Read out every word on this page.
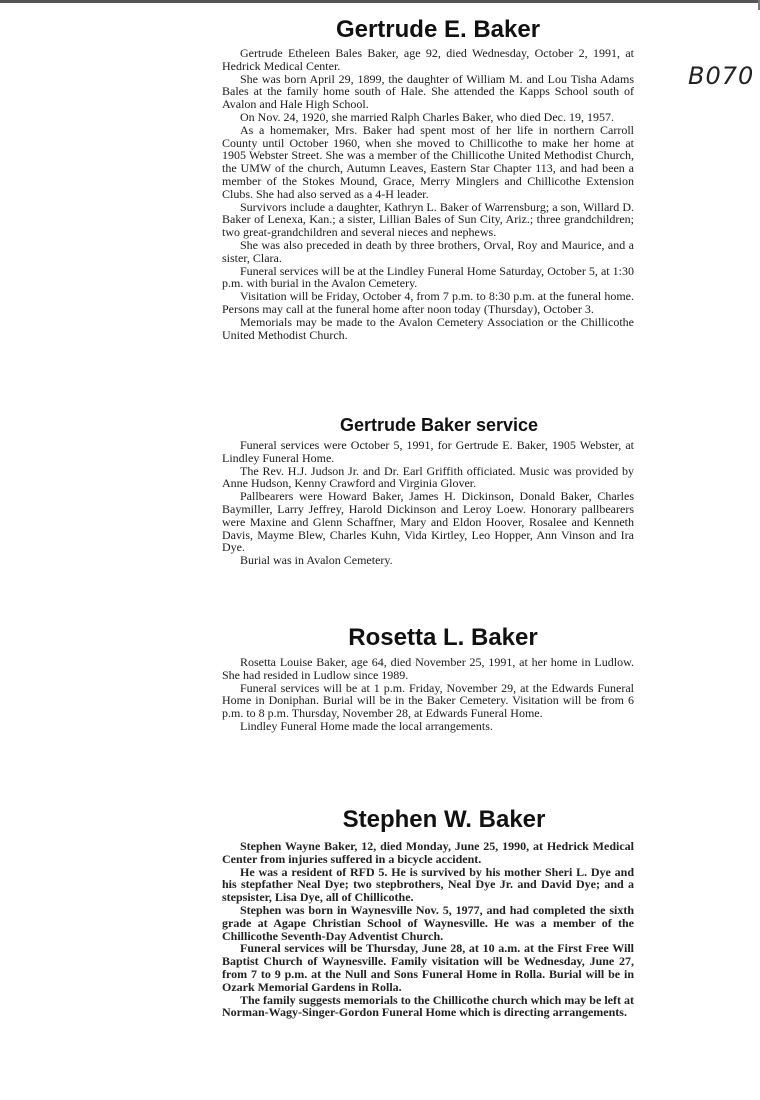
B070
Gertrude E. Baker

Gertrude Etheleen Bales Baker, age 92, died Wednesday, October 2, 1991, at Hedrick Medical Center.

She was born April 29, 1899, the daughter of William M. and Lou Tisha Adams Bales at the family home south of Hale. She attended the Kapps School south of Avalon and Hale High School.

On Nov. 24, 1920, she married Ralph Charles Baker, who died Dec. 19, 1957.

As a homemaker, Mrs. Baker had spent most of her life in northern Carroll County until October 1960, when she moved to Chillicothe to make her home at 1905 Webster Street. She was a member of the Chillicothe United Methodist Church, the UMW of the church, Autumn Leaves, Eastern Star Chapter 113, and had been a member of the Stokes Mound, Grace, Merry Minglers and Chillicothe Extension Clubs. She had also served as a 4-H leader.

Survivors include a daughter, Kathryn L. Baker of Warrensburg; a son, Willard D. Baker of Lenexa, Kan.; a sister, Lillian Bales of Sun City, Ariz.; three grandchildren; two great-grandchildren and several nieces and nephews.

She was also preceded in death by three brothers, Orval, Roy and Maurice, and a sister, Clara.

Funeral services will be at the Lindley Funeral Home Saturday, October 5, at 1:30 p.m. with burial in the Avalon Cemetery.

Visitation will be Friday, October 4, from 7 p.m. to 8:30 p.m. at the funeral home. Persons may call at the funeral home after noon today (Thursday), October 3.

Memorials may be made to the Avalon Cemetery Association or the Chillicothe United Methodist Church.

Gertrude Baker service

Funeral services were October 5, 1991, for Gertrude E. Baker, 1905 Webster, at Lindley Funeral Home.

The Rev. H.J. Judson Jr. and Dr. Earl Griffith officiated. Music was provided by Anne Hudson, Kenny Crawford and Virginia Glover.

Pallbearers were Howard Baker, James H. Dickinson, Donald Baker, Charles Baymiller, Larry Jeffrey, Harold Dickinson and Leroy Loew. Honorary pallbearers were Maxine and Glenn Schaffner, Mary and Eldon Hoover, Rosalee and Kenneth Davis, Mayme Blew, Charles Kuhn, Vida Kirtley, Leo Hopper, Ann Vinson and Ira Dye.

Burial was in Avalon Cemetery.

Rosetta L. Baker

Rosetta Louise Baker, age 64, died November 25, 1991, at her home in Ludlow. She had resided in Ludlow since 1989.

Funeral services will be at 1 p.m. Friday, November 29, at the Edwards Funeral Home in Doniphan. Burial will be in the Baker Cemetery. Visitation will be from 6 p.m. to 8 p.m. Thursday, November 28, at Edwards Funeral Home.

Lindley Funeral Home made the local arrangements.

Stephen W. Baker

Stephen Wayne Baker, 12, died Monday, June 25, 1990, at Hedrick Medical Center from injuries suffered in a bicycle accident.

He was a resident of RFD 5. He is survived by his mother Sheri L. Dye and his stepfather Neal Dye; two stepbrothers, Neal Dye Jr. and David Dye; and a stepsister, Lisa Dye, all of Chillicothe.

Stephen was born in Waynesville Nov. 5, 1977, and had completed the sixth grade at Agape Christian School of Waynesville. He was a member of the Chillicothe Seventh-Day Adventist Church.

Funeral services will be Thursday, June 28, at 10 a.m. at the First Free Will Baptist Church of Waynesville. Family visitation will be Wednesday, June 27, from 7 to 9 p.m. at the Null and Sons Funeral Home in Rolla. Burial will be in Ozark Memorial Gardens in Rolla.

The family suggests memorials to the Chillicothe church which may be left at Norman-Wagy-Singer-Gordon Funeral Home which is directing arrangements.
